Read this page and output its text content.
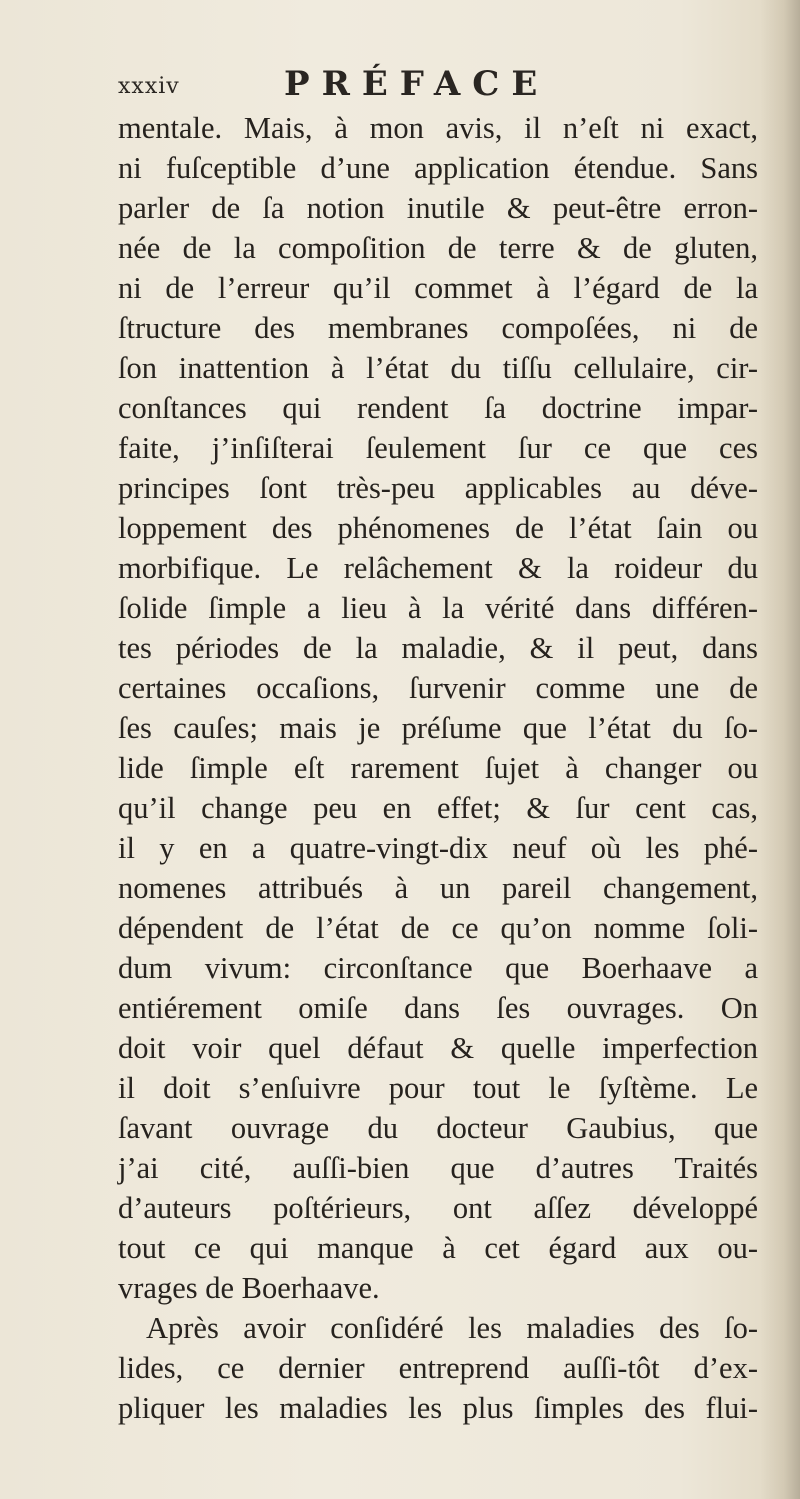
xxxiv	PRÉFACE
mentale. Mais, à mon avis, il n’eſt ni exact,
ni fuſceptible d’une application étendue. Sans
parler de ſa notion inutile & peut-être erron-
née de la compoſition de terre & de gluten,
ni de l’erreur qu’il commet à l’égard de la
ſtructure des membranes compoſées, ni de
ſon inattention à l’état du tiſſu cellulaire, cir-
conſtances qui rendent ſa doctrine impar-
faite, j’inſiſterai ſeulement ſur ce que ces
principes ſont très-peu applicables au déve-
loppement des phénomenes de l’état ſain ou
morbifique. Le relâchement & la roideur du
ſolide ſimple a lieu à la vérité dans différen-
tes périodes de la maladie, & il peut, dans
certaines occaſions, ſurvenir comme une de
ſes cauſes; mais je préſume que l’état du ſo-
lide ſimple eſt rarement ſujet à changer ou
qu’il change peu en effet; & ſur cent cas,
il y en a quatre-vingt-dix neuf où les phé-
nomenes attribués à un pareil changement,
dépendent de l’état de ce qu’on nomme ſoli-
dum vivum: circonſtance que Boerhaave a
entiérement omiſe dans ſes ouvrages. On
doit voir quel défaut & quelle imperfection
il doit s’enſuivre pour tout le ſyſtème. Le
ſavant ouvrage du docteur Gaubius, que
j’ai cité, auſſi-bien que d’autres Traités
d’auteurs poſtérieurs, ont aſſez développé
tout ce qui manque à cet égard aux ou-
vrages de Boerhaave.
Après avoir conſidéré les maladies des ſo-
lides, ce dernier entreprend auſſi-tôt d’ex-
pliquer les maladies les plus ſimples des flui-
